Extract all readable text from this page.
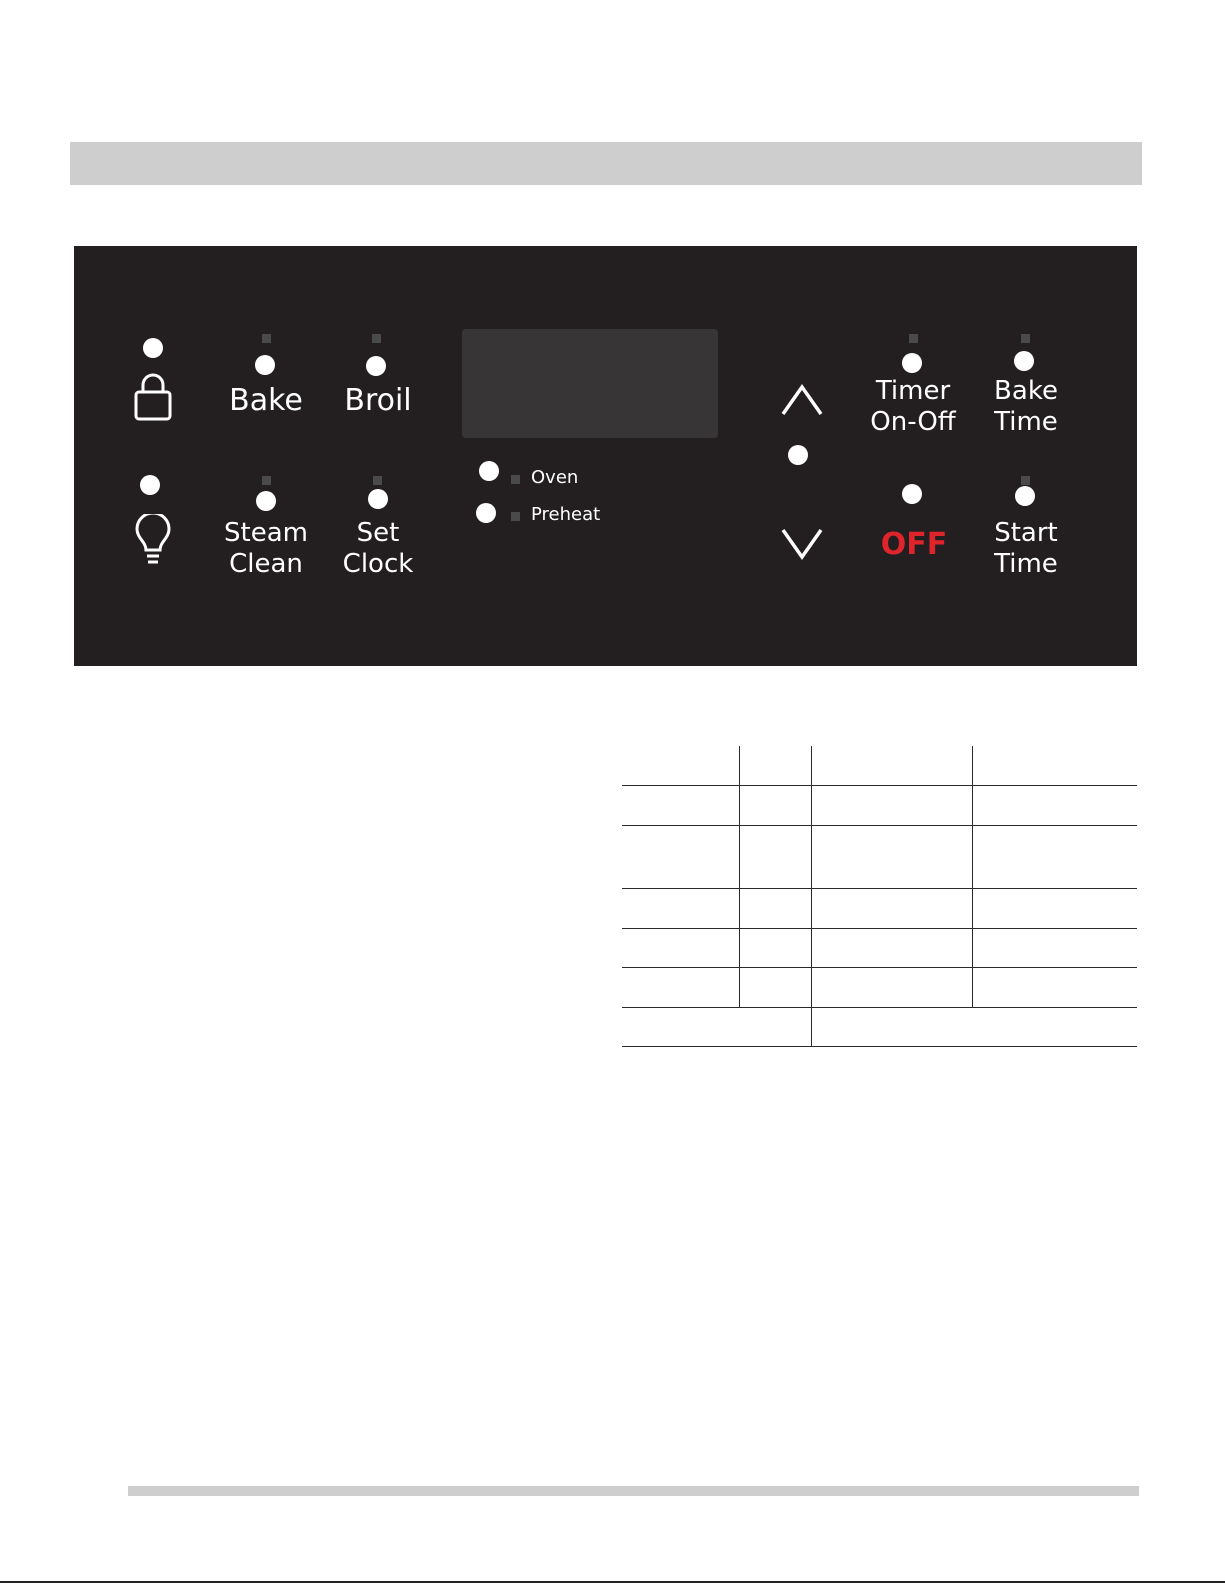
Bake	Broil
Steam
Clean
Set
Clock
Oven
Preheat
Timer
On-Off
Bake
Time
OFF	Start
Time
